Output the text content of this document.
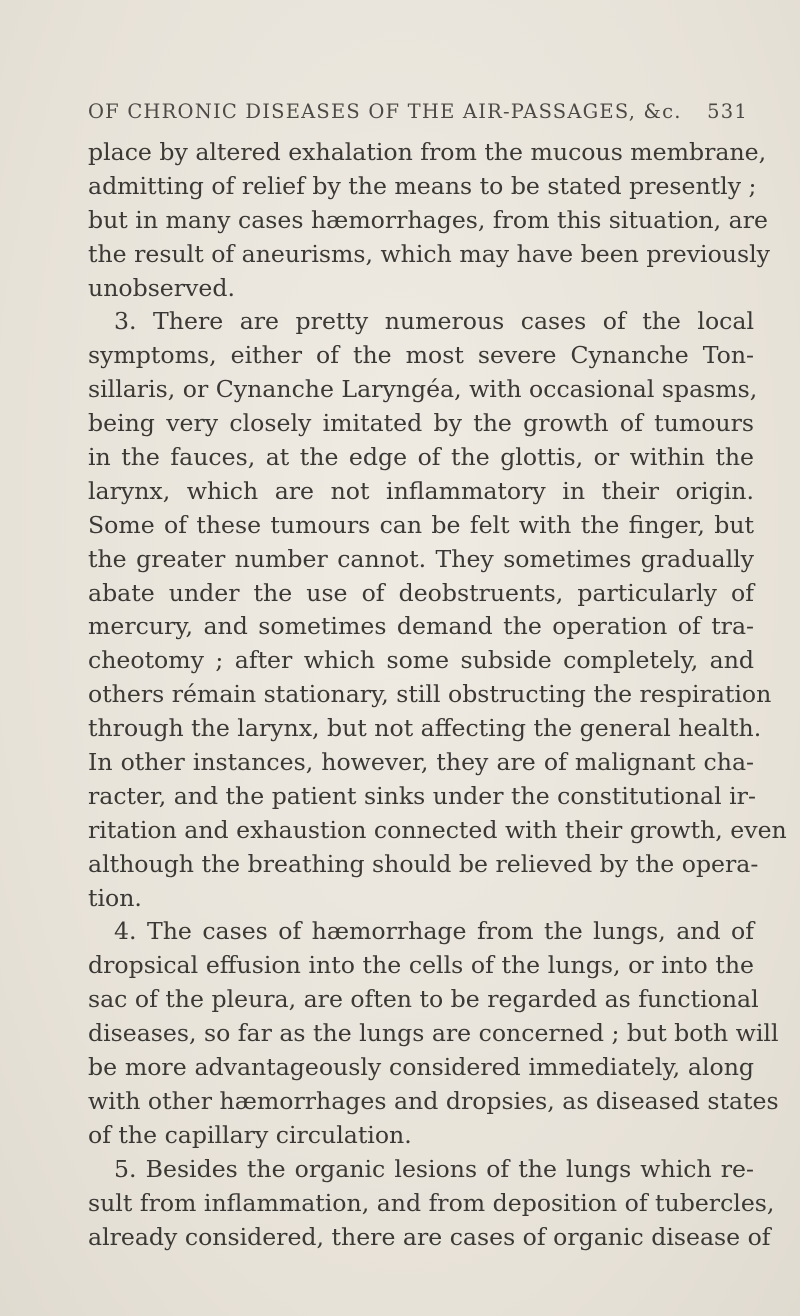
OF CHRONIC DISEASES OF THE AIR-PASSAGES, &c. 531
place by altered exhalation from the mucous membrane,
admitting of relief by the means to be stated presently ;
but in many cases hæmorrhages, from this situation, are
the result of aneurisms, which may have been previously
unobserved.
3. There are pretty numerous cases of the local
symptoms, either of the most severe Cynanche Ton-
sillaris, or Cynanche Laryngéa, with occasional spasms,
being very closely imitated by the growth of tumours
in the fauces, at the edge of the glottis, or within the
larynx, which are not inflammatory in their origin.
Some of these tumours can be felt with the finger, but
the greater number cannot. They sometimes gradually
abate under the use of deobstruents, particularly of
mercury, and sometimes demand the operation of tra-
cheotomy ; after which some subside completely, and
others rémain stationary, still obstructing the respiration
through the larynx, but not affecting the general health.
In other instances, however, they are of malignant cha-
racter, and the patient sinks under the constitutional ir-
ritation and exhaustion connected with their growth, even
although the breathing should be relieved by the opera-
tion.
4. The cases of hæmorrhage from the lungs, and of
dropsical effusion into the cells of the lungs, or into the
sac of the pleura, are often to be regarded as functional
diseases, so far as the lungs are concerned ; but both will
be more advantageously considered immediately, along
with other hæmorrhages and dropsies, as diseased states
of the capillary circulation.
5. Besides the organic lesions of the lungs which re-
sult from inflammation, and from deposition of tubercles,
already considered, there are cases of organic disease of
